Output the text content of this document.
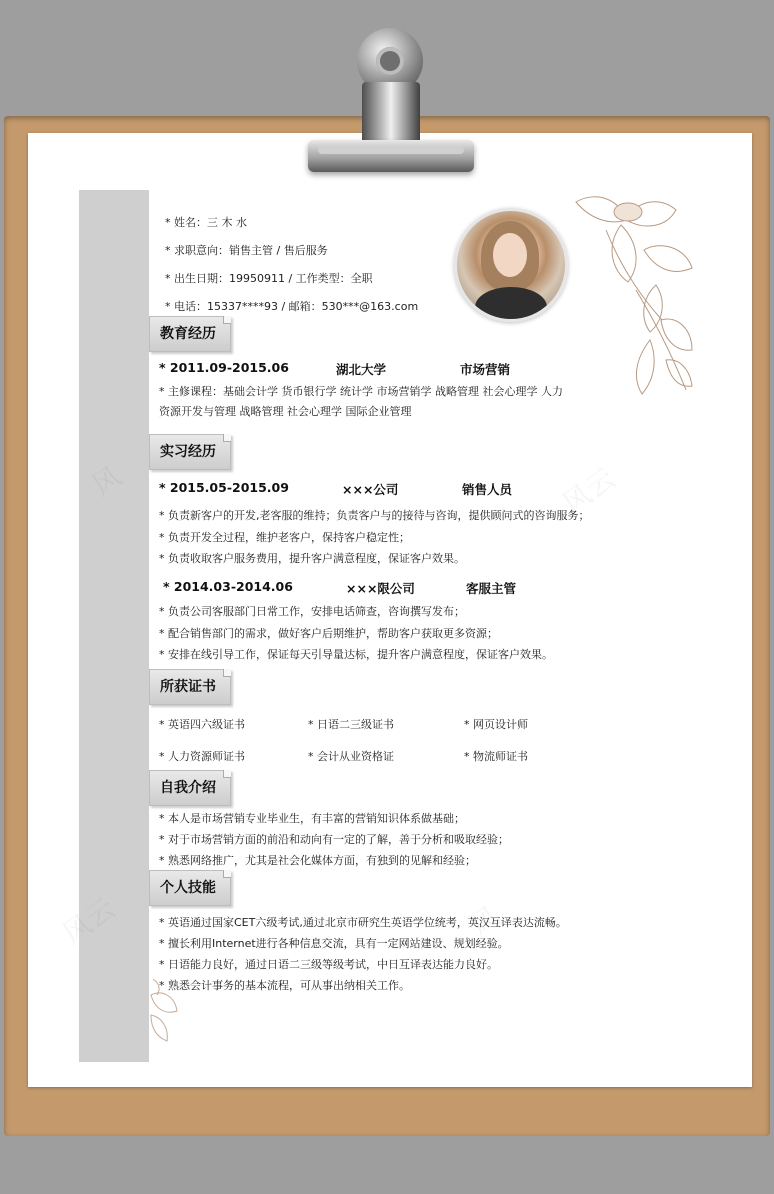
* 姓名：三 木 水
* 求职意向：销售主管 / 售后服务
* 出生日期：19950911 / 工作类型：全职
* 电话：15337****93 / 邮箱：530***@163.com
教育经历
* 2011.09-2015.06	湖北大学	市场营销
* 主修课程：基础会计学 货币银行学 统计学 市场营销学 战略管理 社会心理学 人力
资源开发与管理 战略管理 社会心理学 国际企业管理
实习经历
* 2015.05-2015.09	×××公司	销售人员
* 负责新客户的开发,老客服的维持；负责客户与的接待与咨询，提供顾问式的咨询服务；
* 负责开发全过程，维护老客户，保持客户稳定性；
* 负责收取客户服务费用，提升客户满意程度，保证客户效果。
* 2014.03-2014.06	×××限公司	客服主管
* 负责公司客服部门日常工作，安排电话筛查，咨询撰写发布；
* 配合销售部门的需求，做好客户后期维护，帮助客户获取更多资源；
* 安排在线引导工作，保证每天引导量达标，提升客户满意程度，保证客户效果。
所获证书
* 英语四六级证书	* 日语二三级证书	* 网页设计师
* 人力资源师证书	* 会计从业资格证	* 物流师证书
自我介绍
* 本人是市场营销专业毕业生，有丰富的营销知识体系做基础；
* 对于市场营销方面的前沿和动向有一定的了解，善于分析和吸取经验；
* 熟悉网络推广，尤其是社会化媒体方面，有独到的见解和经验；
个人技能
* 英语通过国家CET六级考试,通过北京市研究生英语学位统考，英汉互译表达流畅。
* 擅长利用Internet进行各种信息交流，具有一定网站建设、规划经验。
* 日语能力良好，通过日语二三级等级考试，中日互译表达能力良好。
* 熟悉会计事务的基本流程，可从事出纳相关工作。
